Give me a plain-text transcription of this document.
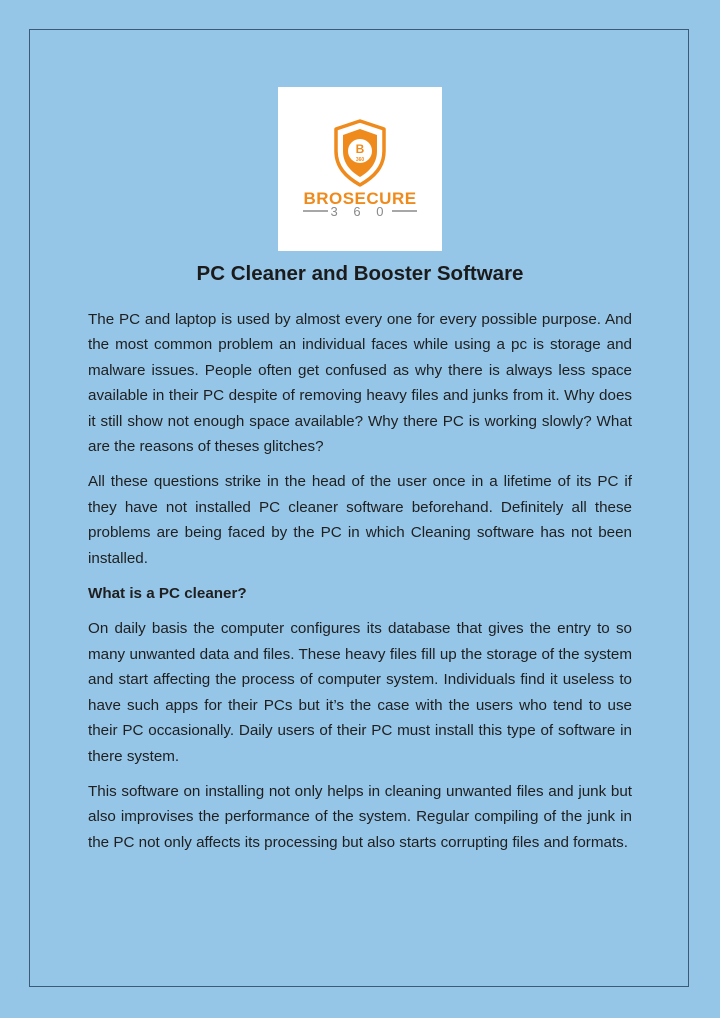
B
360
BROSECURE
3 6 0
PC Cleaner and Booster Software

The PC and laptop is used by almost every one for every possible purpose. And the most common problem an individual faces while using a pc is storage and malware issues. People often get confused as why there is always less space available in their PC despite of removing heavy files and junks from it. Why does it still show not enough space available? Why there PC is working slowly? What are the reasons of theses glitches?

All these questions strike in the head of the user once in a lifetime of its PC if they have not installed PC cleaner software beforehand. Definitely all these problems are being faced by the PC in which Cleaning software has not been installed.

What is a PC cleaner?

On daily basis the computer configures its database that gives the entry to so many unwanted data and files. These heavy files fill up the storage of the system and start affecting the process of computer system. Individuals find it useless to have such apps for their PCs but it’s the case with the users who tend to use their PC occasionally. Daily users of their PC must install this type of software in there system.

This software on installing not only helps in cleaning unwanted files and junk but also improvises the performance of the system. Regular compiling of the junk in the PC not only affects its processing but also starts corrupting files and formats.
